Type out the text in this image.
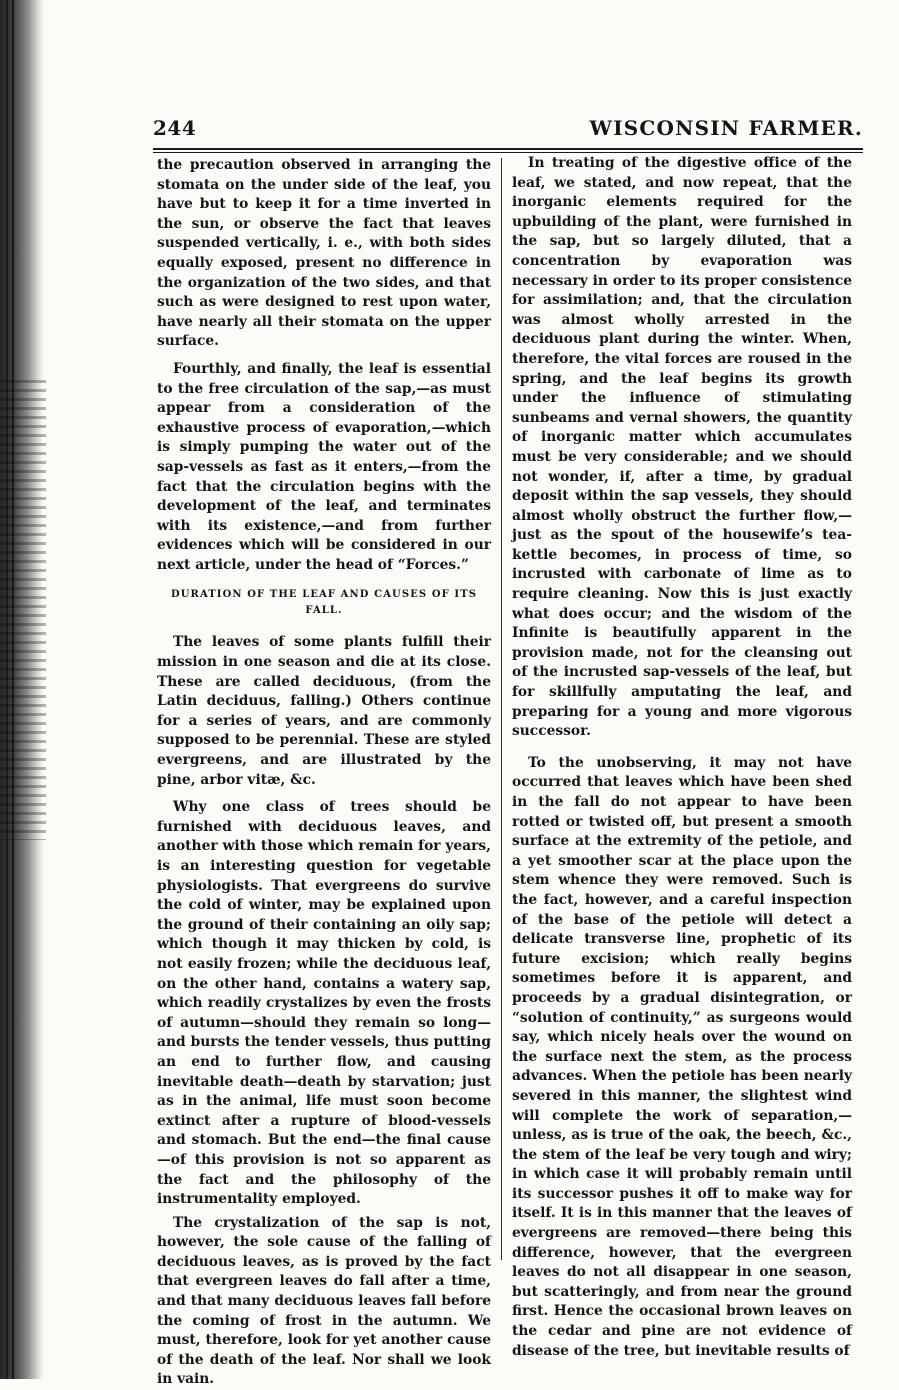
244	WISCONSIN FARMER.

the precaution observed in arranging the stomata on the under side of the leaf, you have but to keep it for a time inverted in the sun, or observe the fact that leaves suspended vertically, i. e., with both sides equally exposed, present no difference in the organization of the two sides, and that such as were designed to rest upon water, have nearly all their stomata on the upper surface.

Fourthly, and finally, the leaf is essential to the free circulation of the sap,—as must appear from a consideration of the exhaustive process of evaporation,—which is simply pumping the water out of the sap-vessels as fast as it enters,—from the fact that the circulation begins with the development of the leaf, and terminates with its existence,—and from further evidences which will be considered in our next article, under the head of “Forces.”

DURATION OF THE LEAF AND CAUSES OF ITS FALL.

The leaves of some plants fulfill their mission in one season and die at its close. These are called deciduous, (from the Latin deciduus, falling.) Others continue for a series of years, and are commonly supposed to be perennial. These are styled evergreens, and are illustrated by the pine, arbor vitæ, &c.

Why one class of trees should be furnished with deciduous leaves, and another with those which remain for years, is an interesting question for vegetable physiologists. That evergreens do survive the cold of winter, may be explained upon the ground of their containing an oily sap; which though it may thicken by cold, is not easily frozen; while the deciduous leaf, on the other hand, contains a watery sap, which readily crystalizes by even the frosts of autumn—should they remain so long—and bursts the tender vessels, thus putting an end to further flow, and causing inevitable death—death by starvation; just as in the animal, life must soon become extinct after a rupture of blood-vessels and stomach. But the end—the final cause—of this provision is not so apparent as the fact and the philosophy of the instrumentality employed.

The crystalization of the sap is not, however, the sole cause of the falling of deciduous leaves, as is proved by the fact that evergreen leaves do fall after a time, and that many deciduous leaves fall before the coming of frost in the autumn. We must, therefore, look for yet another cause of the death of the leaf. Nor shall we look in vain.

In treating of the digestive office of the leaf, we stated, and now repeat, that the inorganic elements required for the upbuilding of the plant, were furnished in the sap, but so largely diluted, that a concentration by evaporation was necessary in order to its proper consistence for assimilation; and, that the circulation was almost wholly arrested in the deciduous plant during the winter. When, therefore, the vital forces are roused in the spring, and the leaf begins its growth under the influence of stimulating sunbeams and vernal showers, the quantity of inorganic matter which accumulates must be very considerable; and we should not wonder, if, after a time, by gradual deposit within the sap vessels, they should almost wholly obstruct the further flow,—just as the spout of the housewife’s tea-kettle becomes, in process of time, so incrusted with carbonate of lime as to require cleaning. Now this is just exactly what does occur; and the wisdom of the Infinite is beautifully apparent in the provision made, not for the cleansing out of the incrusted sap-vessels of the leaf, but for skillfully amputating the leaf, and preparing for a young and more vigorous successor.

To the unobserving, it may not have occurred that leaves which have been shed in the fall do not appear to have been rotted or twisted off, but present a smooth surface at the extremity of the petiole, and a yet smoother scar at the place upon the stem whence they were removed. Such is the fact, however, and a careful inspection of the base of the petiole will detect a delicate transverse line, prophetic of its future excision; which really begins sometimes before it is apparent, and proceeds by a gradual disintegration, or “solution of continuity,” as surgeons would say, which nicely heals over the wound on the surface next the stem, as the process advances. When the petiole has been nearly severed in this manner, the slightest wind will complete the work of separation,—unless, as is true of the oak, the beech, &c., the stem of the leaf be very tough and wiry; in which case it will probably remain until its successor pushes it off to make way for itself. It is in this manner that the leaves of evergreens are removed—there being this difference, however, that the evergreen leaves do not all disappear in one season, but scatteringly, and from near the ground first. Hence the occasional brown leaves on the cedar and pine are not evidence of disease of the tree, but inevitable results of
